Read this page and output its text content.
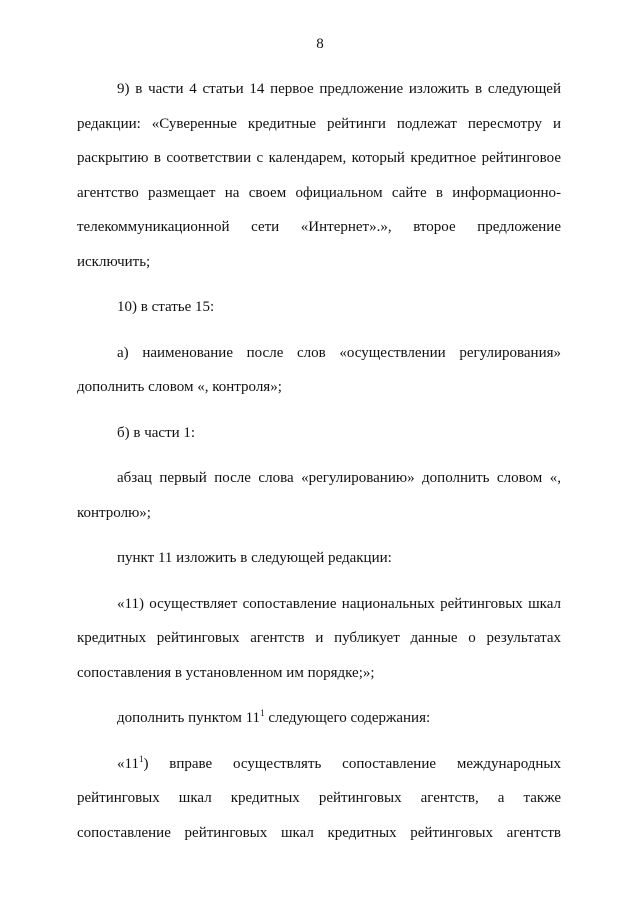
8

9) в части 4 статьи 14 первое предложение изложить в следующей редакции: «Суверенные кредитные рейтинги подлежат пересмотру и раскрытию в соответствии с календарем, который кредитное рейтинговое агентство размещает на своем официальном сайте в информационно-телекоммуникационной сети «Интернет».», второе предложение исключить;

10) в статье 15:

а) наименование после слов «осуществлении регулирования» дополнить словом «, контроля»;

б) в части 1:

абзац первый после слова «регулированию» дополнить словом «, контролю»;

пункт 11 изложить в следующей редакции:

«11) осуществляет сопоставление национальных рейтинговых шкал кредитных рейтинговых агентств и публикует данные о результатах сопоставления в установленном им порядке;»;

дополнить пунктом $11^1$ следующего содержания:

«$11^1$) вправе осуществлять сопоставление международных рейтинговых шкал кредитных рейтинговых агентств, а также сопоставление рейтинговых шкал кредитных рейтинговых агентств
